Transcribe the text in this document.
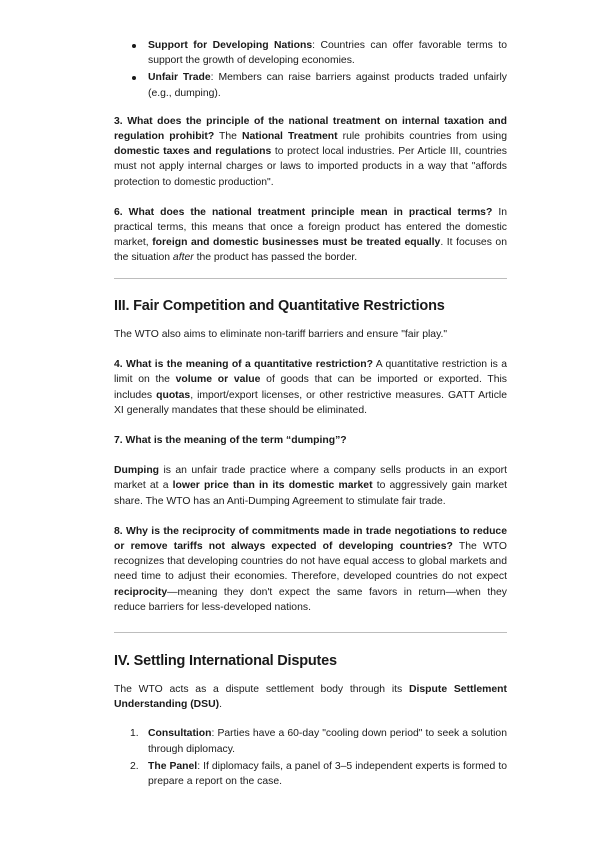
Support for Developing Nations: Countries can offer favorable terms to support the growth of developing economies.
Unfair Trade: Members can raise barriers against products traded unfairly (e.g., dumping).

3. What does the principle of the national treatment on internal taxation and regulation prohibit? The National Treatment rule prohibits countries from using domestic taxes and regulations to protect local industries. Per Article III, countries must not apply internal charges or laws to imported products in a way that "affords protection to domestic production".

6. What does the national treatment principle mean in practical terms? In practical terms, this means that once a foreign product has entered the domestic market, foreign and domestic businesses must be treated equally. It focuses on the situation after the product has passed the border.

III. Fair Competition and Quantitative Restrictions

The WTO also aims to eliminate non-tariff barriers and ensure "fair play."

4. What is the meaning of a quantitative restriction? A quantitative restriction is a limit on the volume or value of goods that can be imported or exported. This includes quotas, import/export licenses, or other restrictive measures. GATT Article XI generally mandates that these should be eliminated.

7. What is the meaning of the term “dumping”?

Dumping is an unfair trade practice where a company sells products in an export market at a lower price than in its domestic market to aggressively gain market share. The WTO has an Anti-Dumping Agreement to stimulate fair trade.

8. Why is the reciprocity of commitments made in trade negotiations to reduce or remove tariffs not always expected of developing countries? The WTO recognizes that developing countries do not have equal access to global markets and need time to adjust their economies. Therefore, developed countries do not expect reciprocity—meaning they don't expect the same favors in return—when they reduce barriers for less-developed nations.

IV. Settling International Disputes

The WTO acts as a dispute settlement body through its Dispute Settlement Understanding (DSU).

1. Consultation: Parties have a 60-day "cooling down period" to seek a solution through diplomacy.
2. The Panel: If diplomacy fails, a panel of 3–5 independent experts is formed to prepare a report on the case.
